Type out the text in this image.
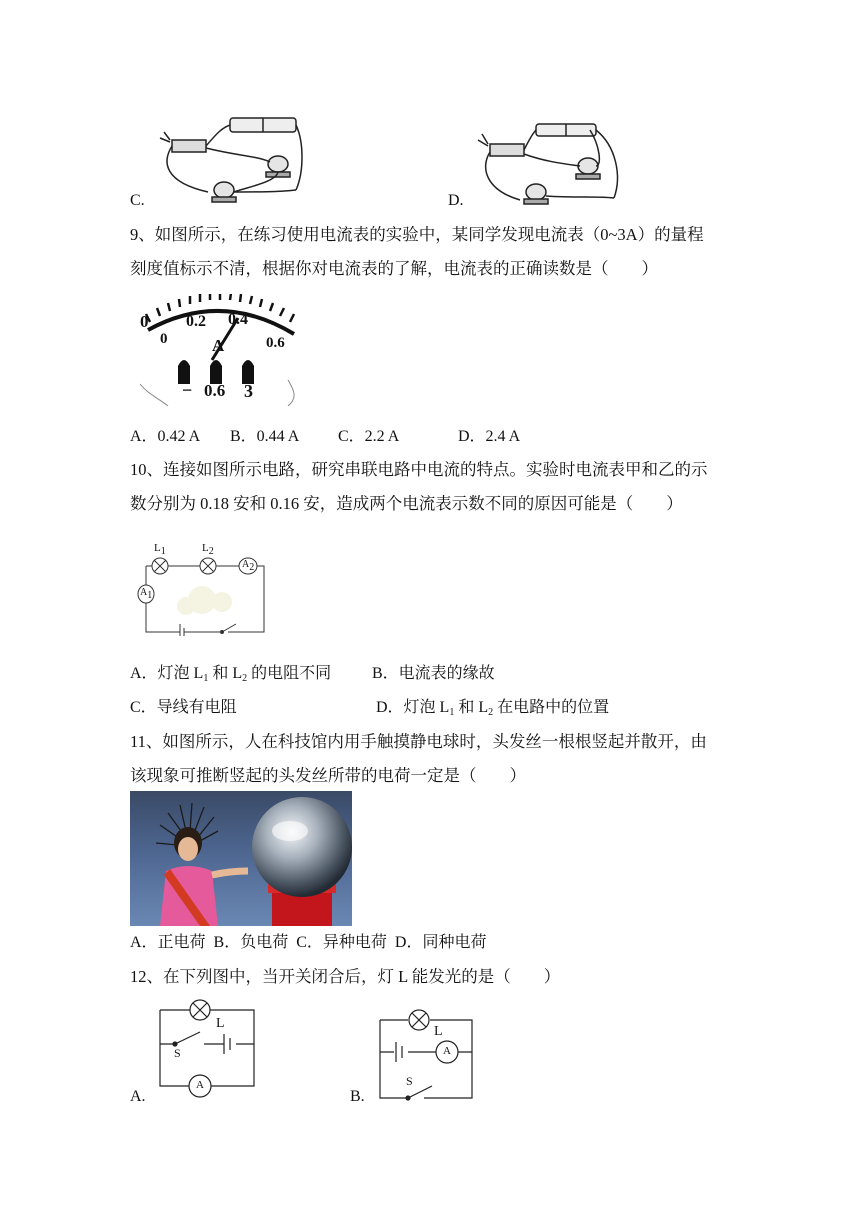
C.	D.
9、如图所示，在练习使用电流表的实验中，某同学发现电流表（0~3A）的量程
刻度值标示不清，根据你对电流表的了解，电流表的正确读数是（　　）
0
0
0.2 0.4
0.6
A
− 0.6 3
A．0.42 A B．0.44 A C．2.2 A	D．2.4 A
10、连接如图所示电路，研究串联电路中电流的特点。实验时电流表甲和乙的示
数分别为 0.18 安和 0.16 安，造成两个电流表示数不同的原因可能是（　　）
$L_1$	$L_2$
$A_2$
$A_1$
A．灯泡 $L_1$ 和 $L_2$ 的电阻不同	B．电流表的缘故
C．导线有电阻	D．灯泡 $L_1$ 和 $L_2$ 在电路中的位置
11、如图所示，人在科技馆内用手触摸静电球时，头发丝一根根竖起并散开，由
该现象可推断竖起的头发丝所带的电荷一定是（　　）
A．正电荷  B．负电荷  C．异种电荷  D．同种电荷
12、在下列图中，当开关闭合后，灯 L 能发光的是（　　）
L
S
A
A.
L
A
S
B.
